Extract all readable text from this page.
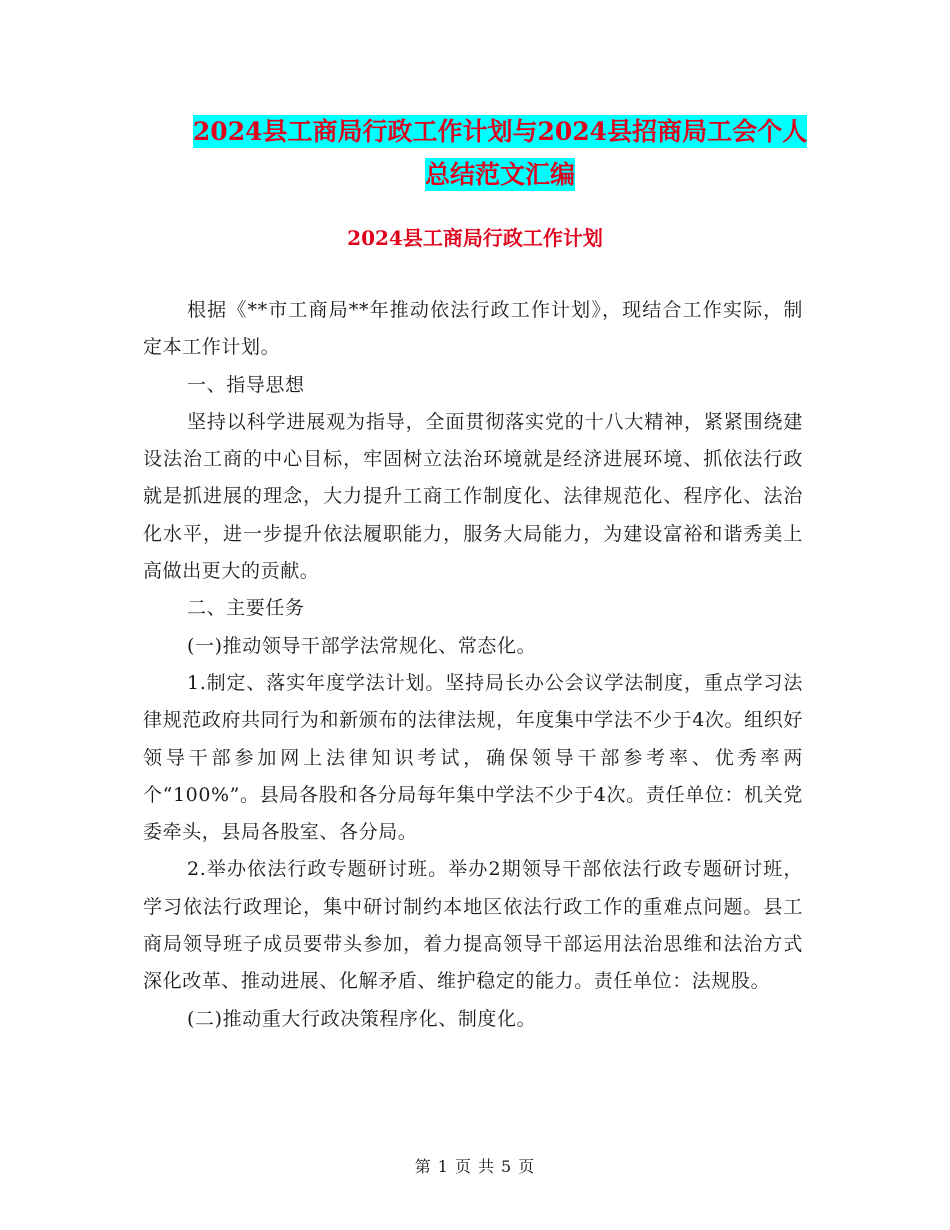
2024县工商局行政工作计划与2024县招商局工会个人
总结范文汇编
2024县工商局行政工作计划

根据《**市工商局**年推动依法行政工作计划》，现结合工作实际，制定本工作计划。

一、指导思想

坚持以科学进展观为指导，全面贯彻落实党的十八大精神，紧紧围绕建设法治工商的中心目标，牢固树立法治环境就是经济进展环境、抓依法行政就是抓进展的理念，大力提升工商工作制度化、法律规范化、程序化、法治化水平，进一步提升依法履职能力，服务大局能力，为建设富裕和谐秀美上高做出更大的贡献。

二、主要任务

(一)推动领导干部学法常规化、常态化。

1.制定、落实年度学法计划。坚持局长办公会议学法制度，重点学习法律规范政府共同行为和新颁布的法律法规，年度集中学法不少于4次。组织好领导干部参加网上法律知识考试，确保领导干部参考率、优秀率两个“100%”。县局各股和各分局每年集中学法不少于4次。责任单位：机关党委牵头，县局各股室、各分局。

2.举办依法行政专题研讨班。举办2期领导干部依法行政专题研讨班，学习依法行政理论，集中研讨制约本地区依法行政工作的重难点问题。县工商局领导班子成员要带头参加，着力提高领导干部运用法治思维和法治方式深化改革、推动进展、化解矛盾、维护稳定的能力。责任单位：法规股。

(二)推动重大行政决策程序化、制度化。

第 1 页 共 5 页
